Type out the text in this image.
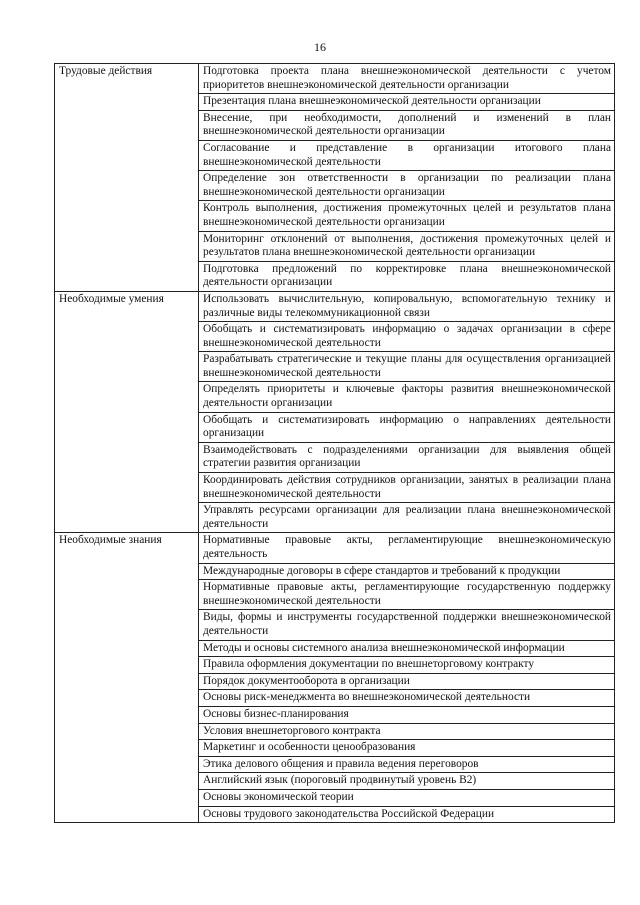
16
Трудовые действия	Подготовка проекта плана внешнеэкономической деятельности с учетом приоритетов внешнеэкономической деятельности организации
	Презентация плана внешнеэкономической деятельности организации
	Внесение, при необходимости, дополнений и изменений в план внешнеэкономической деятельности организации
	Согласование и представление в организации итогового плана внешнеэкономической деятельности
	Определение зон ответственности в организации по реализации плана внешнеэкономической деятельности организации
	Контроль выполнения, достижения промежуточных целей и результатов плана внешнеэкономической деятельности организации
	Мониторинг отклонений от выполнения, достижения промежуточных целей и результатов плана внешнеэкономической деятельности организации
	Подготовка предложений по корректировке плана внешнеэкономической деятельности организации
Необходимые умения	Использовать вычислительную, копировальную, вспомогательную технику и различные виды телекоммуникационной связи
	Обобщать и систематизировать информацию о задачах организации в сфере внешнеэкономической деятельности
	Разрабатывать стратегические и текущие планы для осуществления организацией внешнеэкономической деятельности
	Определять приоритеты и ключевые факторы развития внешнеэкономической деятельности организации
	Обобщать и систематизировать информацию о направлениях деятельности организации
	Взаимодействовать с подразделениями организации для выявления общей стратегии развития организации
	Координировать действия сотрудников организации, занятых в реализации плана внешнеэкономической деятельности
	Управлять ресурсами организации для реализации плана внешнеэкономической деятельности
Необходимые знания	Нормативные правовые акты, регламентирующие внешнеэкономическую деятельность
	Международные договоры в сфере стандартов и требований к продукции
	Нормативные правовые акты, регламентирующие государственную поддержку внешнеэкономической деятельности
	Виды, формы и инструменты государственной поддержки внешнеэкономической деятельности
	Методы и основы системного анализа внешнеэкономической информации
	Правила оформления документации по внешнеторговому контракту
	Порядок документооборота в организации
	Основы риск-менеджмента во внешнеэкономической деятельности
	Основы бизнес-планирования
	Условия внешнеторгового контракта
	Маркетинг и особенности ценообразования
	Этика делового общения и правила ведения переговоров
	Английский язык (пороговый продвинутый уровень В2)
	Основы экономической теории
	Основы трудового законодательства Российской Федерации
